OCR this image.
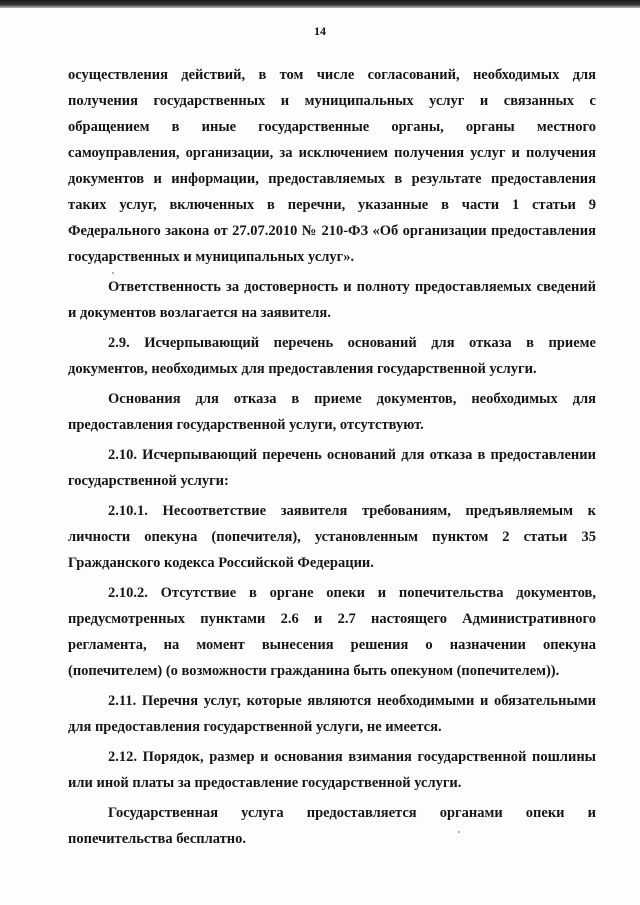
14

осуществления действий, в том числе согласований, необходимых для получения государственных и муниципальных услуг и связанных с обращением в иные государственные органы, органы местного самоуправления, организации, за исключением получения услуг и получения документов и информации, предоставляемых в результате предоставления таких услуг, включенных в перечни, указанные в части 1 статьи 9 Федерального закона от 27.07.2010 № 210-ФЗ «Об организации предоставления государственных и муниципальных услуг».

Ответственность за достоверность и полноту предоставляемых сведений и документов возлагается на заявителя.

2.9. Исчерпывающий перечень оснований для отказа в приеме документов, необходимых для предоставления государственной услуги.

Основания для отказа в приеме документов, необходимых для предоставления государственной услуги, отсутствуют.

2.10. Исчерпывающий перечень оснований для отказа в предоставлении государственной услуги:

2.10.1. Несоответствие заявителя требованиям, предъявляемым к личности опекуна (попечителя), установленным пунктом 2 статьи 35 Гражданского кодекса Российской Федерации.

2.10.2. Отсутствие в органе опеки и попечительства документов, предусмотренных пунктами 2.6 и 2.7 настоящего Административного регламента, на момент вынесения решения о назначении опекуна (попечителем) (о возможности гражданина быть опекуном (попечителем)).

2.11. Перечня услуг, которые являются необходимыми и обязательными для предоставления государственной услуги, не имеется.

2.12. Порядок, размер и основания взимания государственной пошлины или иной платы за предоставление государственной услуги.

Государственная услуга предоставляется органами опеки и попечительства бесплатно.
